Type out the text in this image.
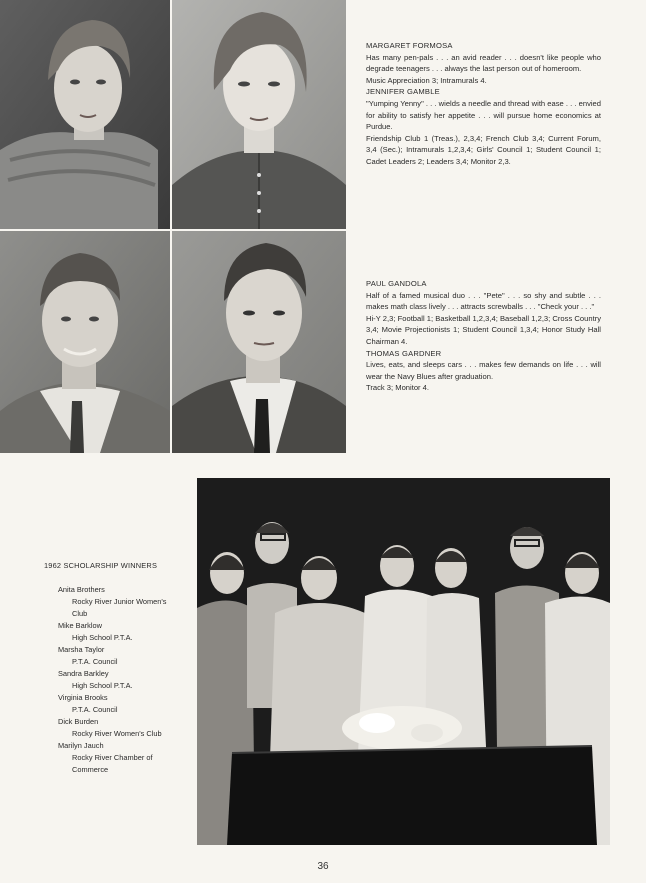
MARGARET FORMOSA

Has many pen-pals . . . an avid reader . . . doesn't like people who degrade teenagers . . . always the last person out of homeroom.

Music Appreciation 3; Intramurals 4.

JENNIFER GAMBLE

"Yumping Yenny" . . . wields a needle and thread with ease . . . envied for ability to satisfy her appetite . . . will pursue home economics at Purdue.

Friendship Club 1 (Treas.), 2,3,4; French Club 3,4; Current Forum, 3,4 (Sec.); Intramurals 1,2,3,4; Girls' Council 1; Student Council 1; Cadet Leaders 2; Leaders 3,4; Monitor 2,3.

PAUL GANDOLA

Half of a famed musical duo . . . "Pete" . . . so shy and subtle . . . makes math class lively . . . attracts screwballs . . . "Check your . . ."

Hi-Y 2,3; Football 1; Basketball 1,2,3,4; Baseball 1,2,3; Cross Country 3,4; Movie Projectionists 1; Student Council 1,3,4; Honor Study Hall Chairman 4.

THOMAS GARDNER

Lives, eats, and sleeps cars . . . makes few demands on life . . . will wear the Navy Blues after graduation.

Track 3; Monitor 4.

1962 SCHOLARSHIP WINNERS
Anita Brothers
Rocky River Junior Women's
Club
Mike Barklow
High School P.T.A.
Marsha Taylor
P.T.A. Council
Sandra Barkley
High School P.T.A.
Virginia Brooks
P.T.A. Council
Dick Burden
Rocky River Women's Club
Marilyn Jauch
Rocky River Chamber of
Commerce
36
